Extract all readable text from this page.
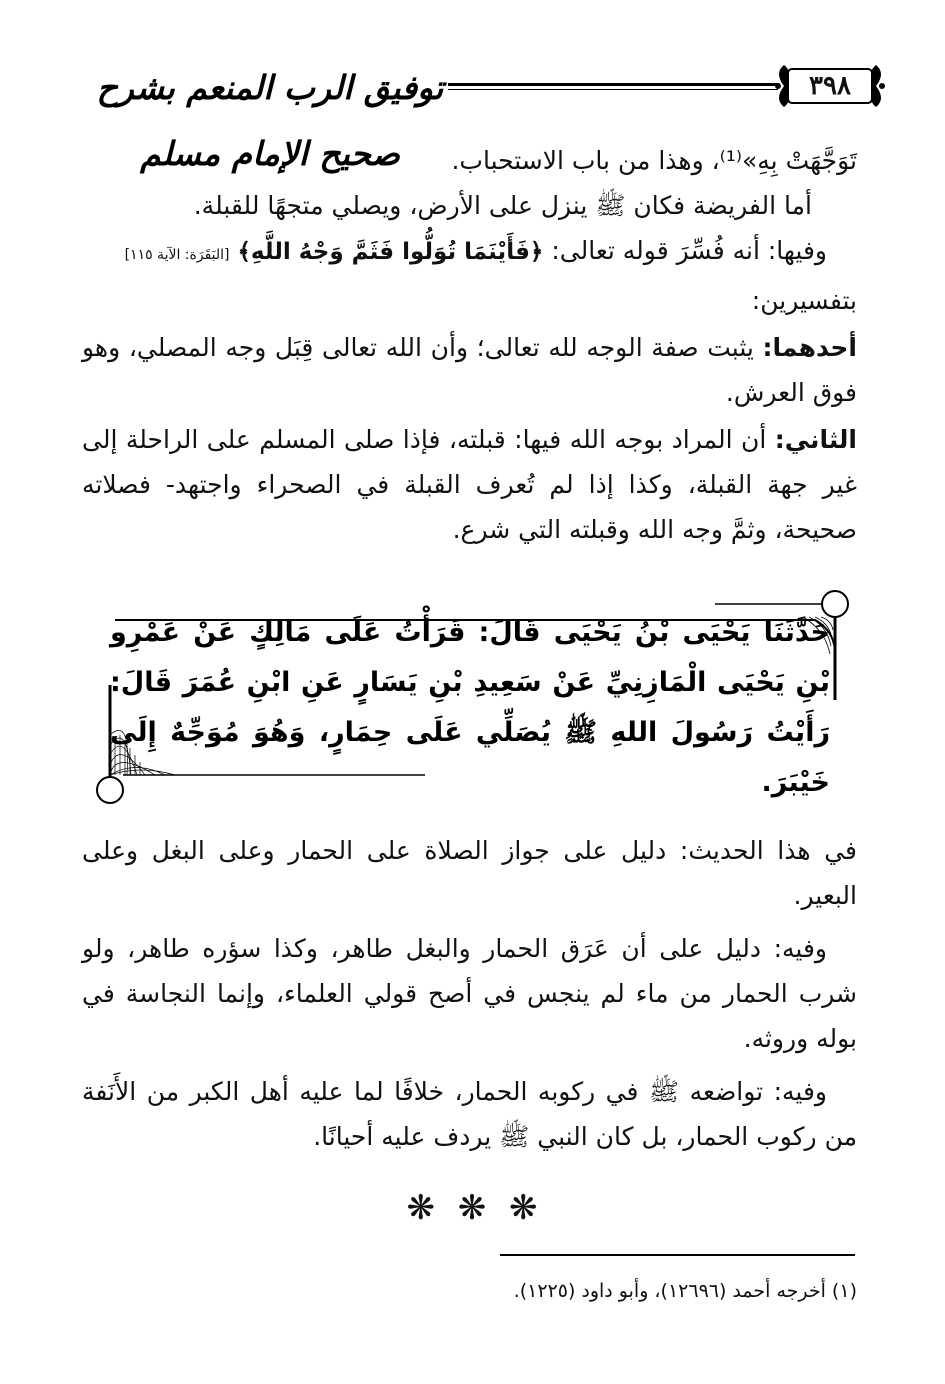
توفيق الرب المنعم بشرح صحيح الإمام مسلم
٣٩٨

تَوَجَّهَتْ بِهِ»⁽¹⁾، وهذا من باب الاستحباب.

أما الفريضة فكان ﷺ ينزل على الأرض، ويصلي متجهًا للقبلة.

وفيها: أنه فُسِّرَ قوله تعالى: ﴿فَأَيْنَمَا تُوَلُّوا فَثَمَّ وَجْهُ اللَّهِ﴾ [البَقَرَة: الآية ١١٥]

بتفسيرين:

أحدهما: يثبت صفة الوجه لله تعالى؛ وأن الله تعالى قِبَل وجه المصلي، وهو فوق العرش.

الثاني: أن المراد بوجه الله فيها: قبلته، فإذا صلى المسلم على الراحلة إلى غير جهة القبلة، وكذا إذا لم تُعرف القبلة في الصحراء واجتهد- فصلاته صحيحة، وثمَّ وجه الله وقبلته التي شرع.

حَدَّثَنَا يَحْيَى بْنُ يَحْيَى قَالَ: قَرَأْتُ عَلَى مَالِكٍ عَنْ عَمْرِو بْنِ يَحْيَى الْمَازِنِيِّ عَنْ سَعِيدِ بْنِ يَسَارٍ عَنِ ابْنِ عُمَرَ قَالَ: رَأَيْتُ رَسُولَ اللهِ ﷺ يُصَلِّي عَلَى حِمَارٍ، وَهُوَ مُوَجِّهٌ إِلَى خَيْبَرَ.

في هذا الحديث: دليل على جواز الصلاة على الحمار وعلى البغل وعلى البعير.

وفيه: دليل على أن عَرَق الحمار والبغل طاهر، وكذا سؤره طاهر، ولو شرب الحمار من ماء لم ينجس في أصح قولي العلماء، وإنما النجاسة في بوله وروثه.

وفيه: تواضعه ﷺ في ركوبه الحمار، خلافًا لما عليه أهل الكبر من الأَنَفة من ركوب الحمار، بل كان النبي ﷺ يردف عليه أحيانًا.

❋ ❋ ❋
(١) أخرجه أحمد (١٢٦٩٦)، وأبو داود (١٢٢٥).
